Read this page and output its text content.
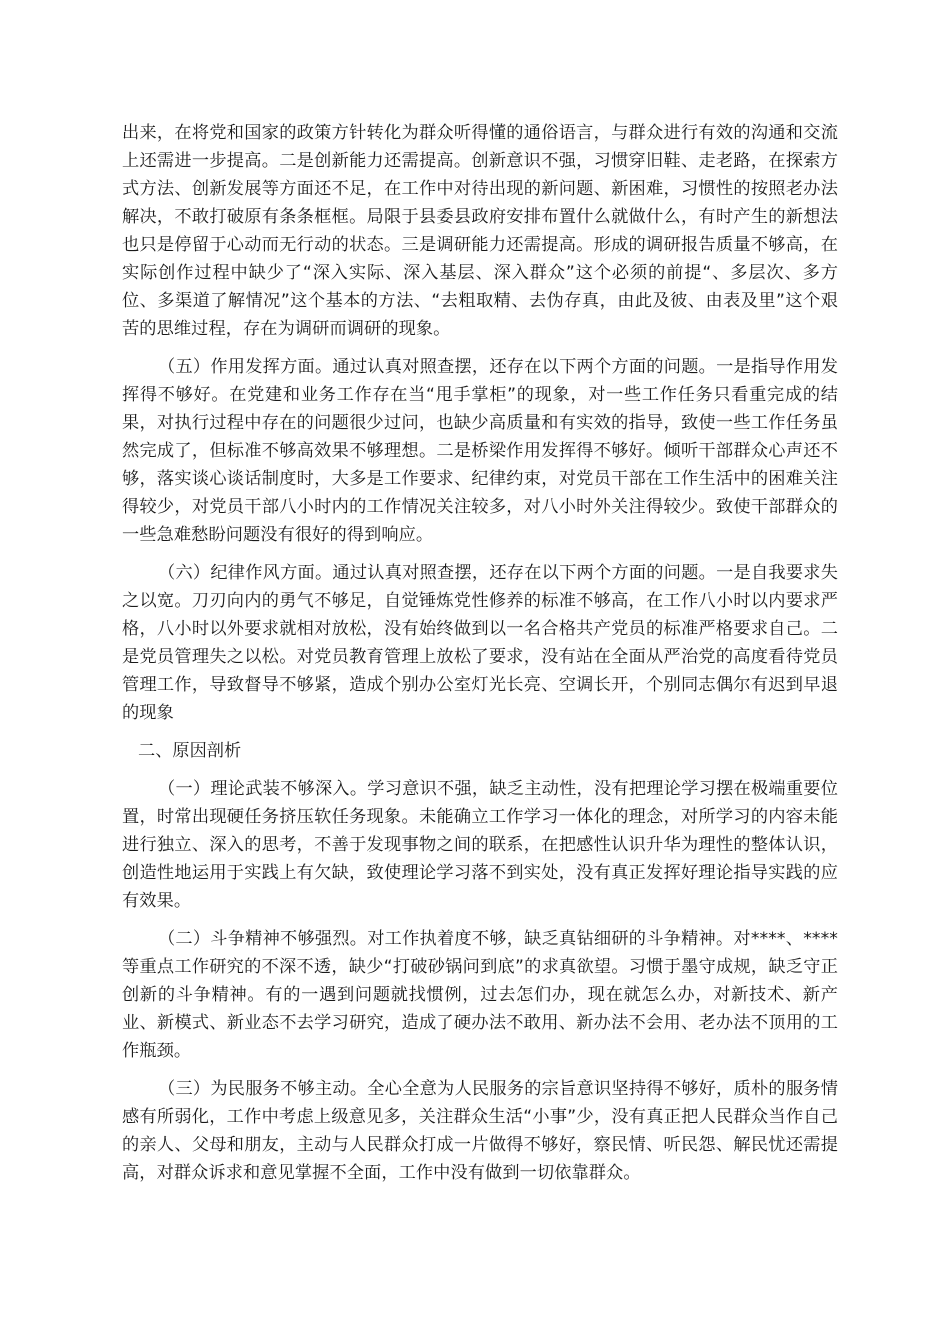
出来，在将党和国家的政策方针转化为群众听得懂的通俗语言，与群众进行有效的沟通和交流上还需进一步提高。二是创新能力还需提高。创新意识不强，习惯穿旧鞋、走老路，在探索方式方法、创新发展等方面还不足，在工作中对待出现的新问题、新困难，习惯性的按照老办法解决，不敢打破原有条条框框。局限于县委县政府安排布置什么就做什么，有时产生的新想法也只是停留于心动而无行动的状态。三是调研能力还需提高。形成的调研报告质量不够高，在实际创作过程中缺少了“深入实际、深入基层、深入群众”这个必须的前提“、多层次、多方位、多渠道了解情况”这个基本的方法、“去粗取精、去伪存真，由此及彼、由表及里”这个艰苦的思维过程，存在为调研而调研的现象。

（五）作用发挥方面。通过认真对照查摆，还存在以下两个方面的问题。一是指导作用发挥得不够好。在党建和业务工作存在当“甩手掌柜”的现象，对一些工作任务只看重完成的结果，对执行过程中存在的问题很少过问，也缺少高质量和有实效的指导，致使一些工作任务虽然完成了，但标准不够高效果不够理想。二是桥梁作用发挥得不够好。倾听干部群众心声还不够，落实谈心谈话制度时，大多是工作要求、纪律约束，对党员干部在工作生活中的困难关注得较少，对党员干部八小时内的工作情况关注较多，对八小时外关注得较少。致使干部群众的一些急难愁盼问题没有很好的得到响应。

（六）纪律作风方面。通过认真对照查摆，还存在以下两个方面的问题。一是自我要求失之以宽。刀刃向内的勇气不够足，自觉锤炼党性修养的标准不够高，在工作八小时以内要求严格，八小时以外要求就相对放松，没有始终做到以一名合格共产党员的标准严格要求自己。二是党员管理失之以松。对党员教育管理上放松了要求，没有站在全面从严治党的高度看待党员管理工作，导致督导不够紧，造成个别办公室灯光长亮、空调长开，个别同志偶尔有迟到早退的现象

二、原因剖析

（一）理论武装不够深入。学习意识不强，缺乏主动性，没有把理论学习摆在极端重要位置，时常出现硬任务挤压软任务现象。未能确立工作学习一体化的理念，对所学习的内容未能进行独立、深入的思考，不善于发现事物之间的联系，在把感性认识升华为理性的整体认识，创造性地运用于实践上有欠缺，致使理论学习落不到实处，没有真正发挥好理论指导实践的应有效果。

（二）斗争精神不够强烈。对工作执着度不够，缺乏真钻细研的斗争精神。对****、****等重点工作研究的不深不透，缺少“打破砂锅问到底”的求真欲望。习惯于墨守成规，缺乏守正创新的斗争精神。有的一遇到问题就找惯例，过去怎们办，现在就怎么办，对新技术、新产业、新模式、新业态不去学习研究，造成了硬办法不敢用、新办法不会用、老办法不顶用的工作瓶颈。

（三）为民服务不够主动。全心全意为人民服务的宗旨意识坚持得不够好，质朴的服务情感有所弱化，工作中考虑上级意见多，关注群众生活“小事”少，没有真正把人民群众当作自己的亲人、父母和朋友，主动与人民群众打成一片做得不够好，察民情、听民怨、解民忧还需提高，对群众诉求和意见掌握不全面，工作中没有做到一切依靠群众。
